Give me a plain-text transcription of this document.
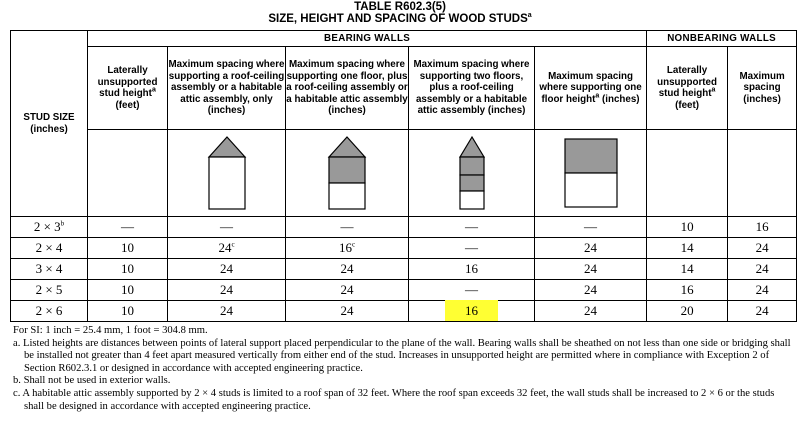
TABLE R602.3(5)
SIZE, HEIGHT AND SPACING OF WOOD STUDS$^a$
STUD SIZE (inches)	BEARING WALLS					NONBEARING WALLS	
	Laterally unsupported stud height$^a$ (feet)	Maximum spacing where supporting a roof-ceiling assembly or a habitable attic assembly, only (inches)	Maximum spacing where supporting one floor, plus a roof-ceiling assembly or a habitable attic assembly (inches)	Maximum spacing where supporting two floors, plus a roof-ceiling assembly or a habitable attic assembly (inches)	Maximum spacing where supporting one floor height$^a$ (inches)	Laterally unsupported stud height$^a$ (feet)	Maximum spacing (inches)

$2 \times 3^b$	—	—	—	—	—	10	16
2 × 4	10	24$^c$	16$^c$	—	24	14	24
3 × 4	10	24	24	16	24	14	24
2 × 5	10	24	24	—	24	16	24
2 × 6	10	24	24	16	24	20	24

For SI: 1 inch = 25.4 mm, 1 foot = 304.8 mm.

a. Listed heights are distances between points of lateral support placed perpendicular to the plane of the wall. Bearing walls shall be sheathed on not less than one side or bridging shall be installed not greater than 4 feet apart measured vertically from either end of the stud. Increases in unsupported height are permitted where in compliance with Exception 2 of Section R602.3.1 or designed in accordance with accepted engineering practice.

b. Shall not be used in exterior walls.

c. A habitable attic assembly supported by 2 × 4 studs is limited to a roof span of 32 feet. Where the roof span exceeds 32 feet, the wall studs shall be increased to 2 × 6 or the studs shall be designed in accordance with accepted engineering practice.
